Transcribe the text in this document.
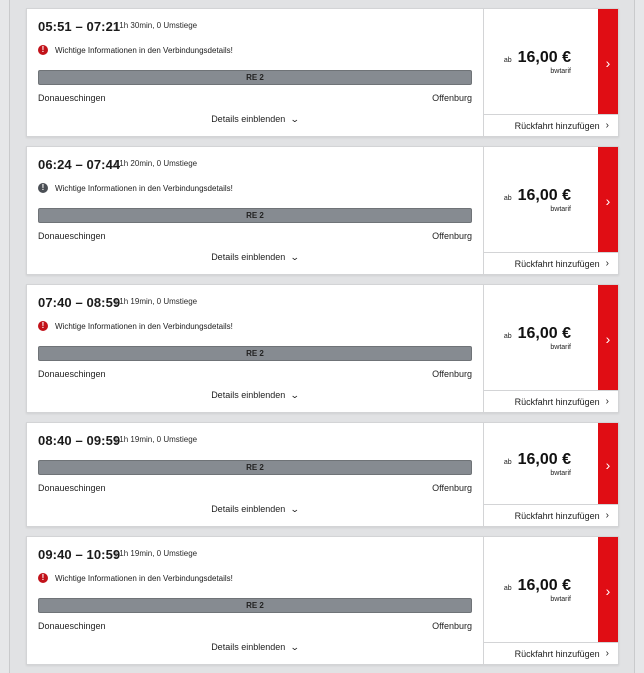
05:51 – 07:21
| 1h 30min, 0 Umstiege
!	Wichtige Informationen in den Verbindungsdetails!
RE 2
Donaueschingen	Offenburg
Details einblenden ⌄
ab 16,00 €
bwtarif
›
Rückfahrt hinzufügen ›
06:24 – 07:44
| 1h 20min, 0 Umstiege
!	Wichtige Informationen in den Verbindungsdetails!
RE 2
Donaueschingen	Offenburg
Details einblenden ⌄
ab 16,00 €
bwtarif
›
Rückfahrt hinzufügen ›
07:40 – 08:59
| 1h 19min, 0 Umstiege
!	Wichtige Informationen in den Verbindungsdetails!
RE 2
Donaueschingen	Offenburg
Details einblenden ⌄
ab 16,00 €
bwtarif
›
Rückfahrt hinzufügen ›
08:40 – 09:59
| 1h 19min, 0 Umstiege
RE 2
Donaueschingen	Offenburg
Details einblenden ⌄
ab 16,00 €
bwtarif
›
Rückfahrt hinzufügen ›
09:40 – 10:59
| 1h 19min, 0 Umstiege
!	Wichtige Informationen in den Verbindungsdetails!
RE 2
Donaueschingen	Offenburg
Details einblenden ⌄
ab 16,00 €
bwtarif
›
Rückfahrt hinzufügen ›
